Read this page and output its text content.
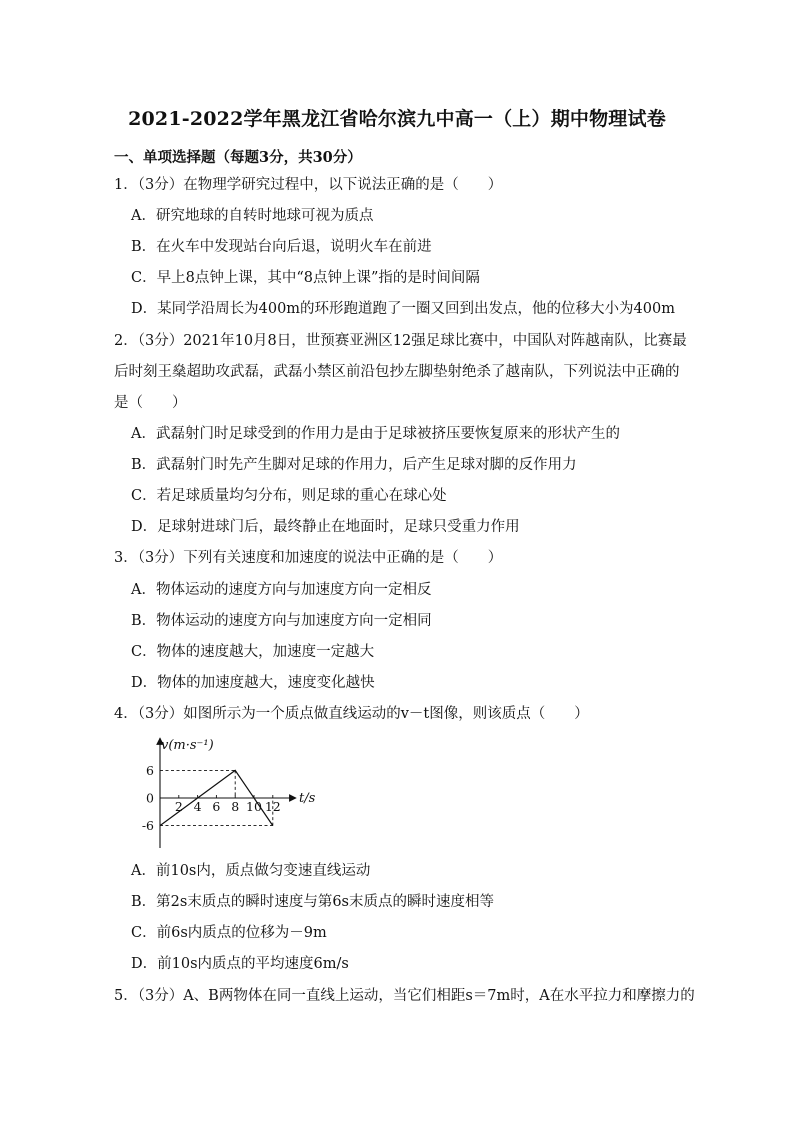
2021-2022学年黑龙江省哈尔滨九中高一（上）期中物理试卷
一、单项选择题（每题3分，共30分）
1．（3分）在物理学研究过程中，以下说法正确的是（　　）
A．研究地球的自转时地球可视为质点
B．在火车中发现站台向后退，说明火车在前进
C．早上8点钟上课，其中“8点钟上课”指的是时间间隔
D．某同学沿周长为400m的环形跑道跑了一圈又回到出发点，他的位移大小为400m
2．（3分）2021年10月8日，世预赛亚洲区12强足球比赛中，中国队对阵越南队，比赛最
后时刻王燊超助攻武磊，武磊小禁区前沿包抄左脚垫射绝杀了越南队，下列说法中正确的
是（　　）
A．武磊射门时足球受到的作用力是由于足球被挤压要恢复原来的形状产生的
B．武磊射门时先产生脚对足球的作用力，后产生足球对脚的反作用力
C．若足球质量均匀分布，则足球的重心在球心处
D．足球射进球门后，最终静止在地面时，足球只受重力作用
3．（3分）下列有关速度和加速度的说法中正确的是（　　）
A．物体运动的速度方向与加速度方向一定相反
B．物体运动的速度方向与加速度方向一定相同
C．物体的速度越大，加速度一定越大
D．物体的加速度越大，速度变化越快
4．（3分）如图所示为一个质点做直线运动的v－t图像，则该质点（　　）
2 4 6 8 10 12
6
0
-6
v(m·s⁻¹)
t/s
A．前10s内，质点做匀变速直线运动
B．第2s末质点的瞬时速度与第6s末质点的瞬时速度相等
C．前6s内质点的位移为－9m
D．前10s内质点的平均速度6m/s
5．（3分）A、B两物体在同一直线上运动，当它们相距s＝7m时，A在水平拉力和摩擦力的
